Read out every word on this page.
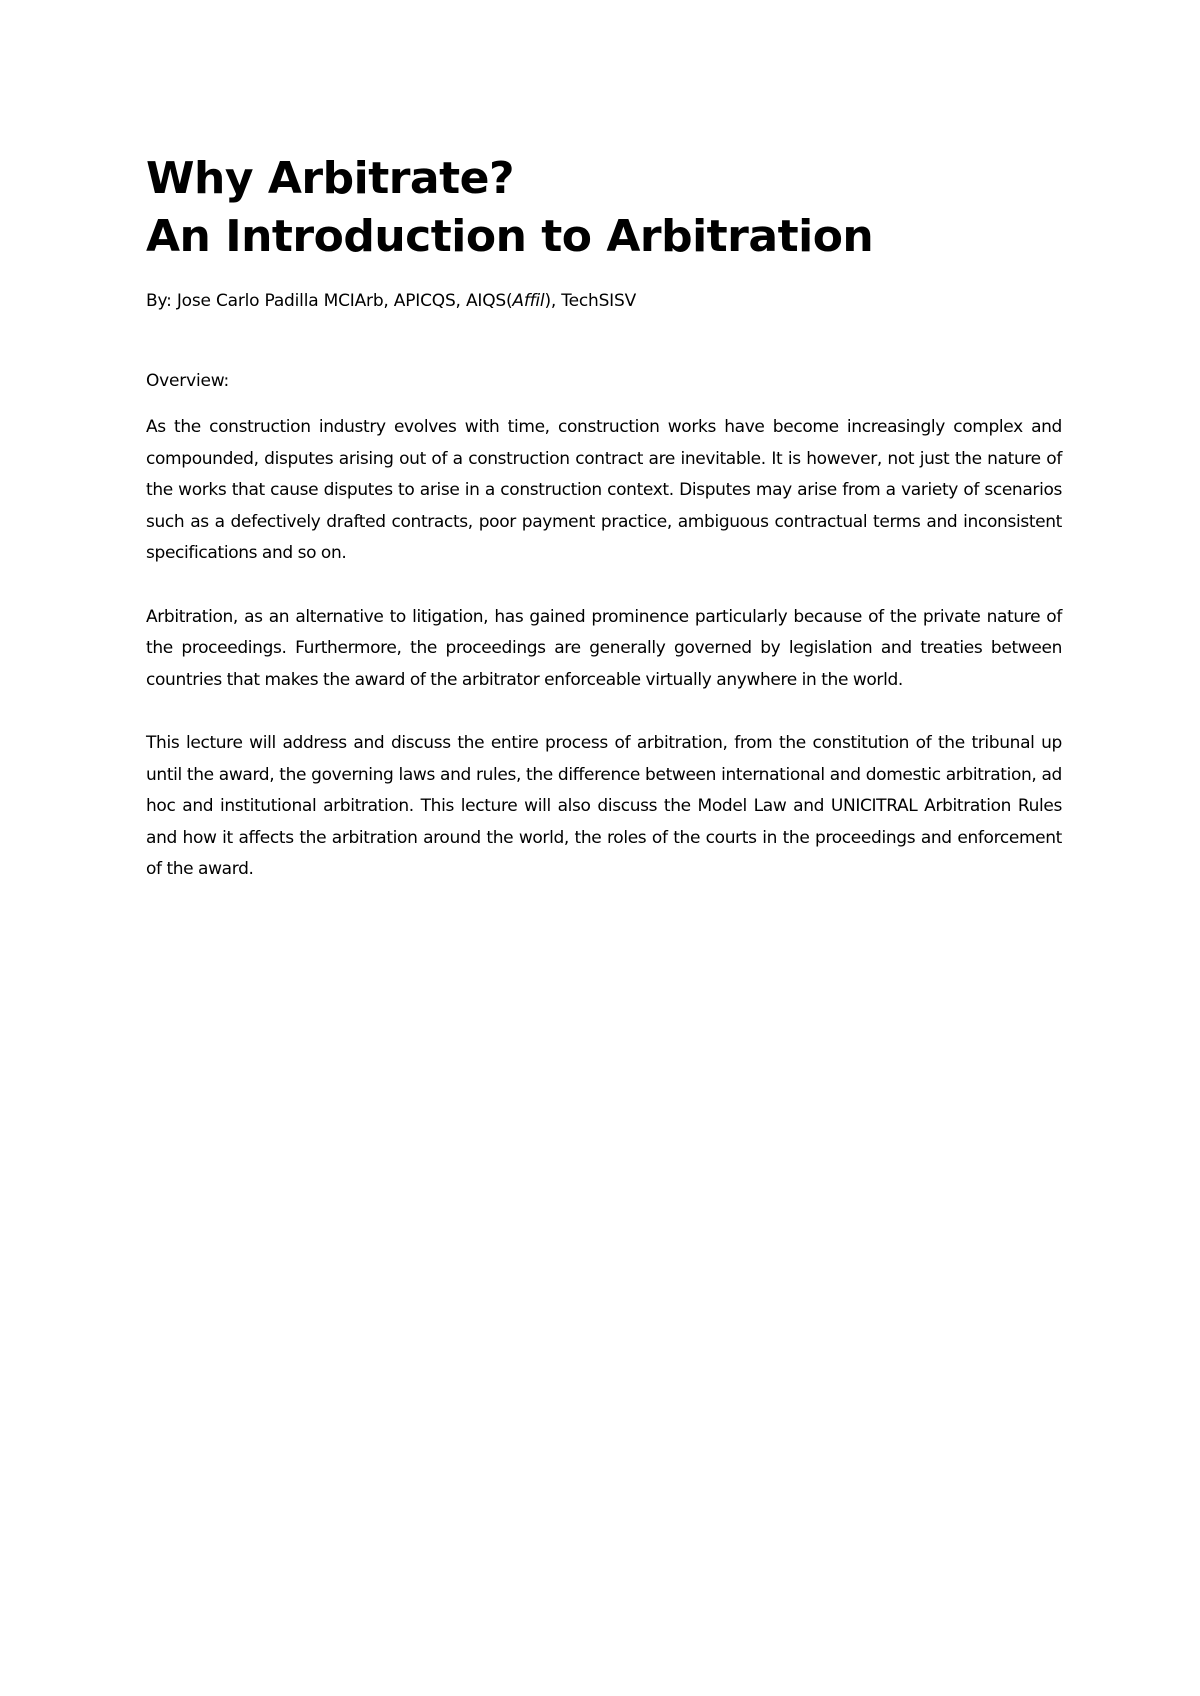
Why Arbitrate?
An Introduction to Arbitration

By: Jose Carlo Padilla MCIArb, APICQS, AIQS(Affil), TechSISV

Overview:

As the construction industry evolves with time, construction works have become increasingly complex and compounded, disputes arising out of a construction contract are inevitable. It is however, not just the nature of the works that cause disputes to arise in a construction context. Disputes may arise from a variety of scenarios such as a defectively drafted contracts, poor payment practice, ambiguous contractual terms and inconsistent specifications and so on.

Arbitration, as an alternative to litigation, has gained prominence particularly because of the private nature of the proceedings. Furthermore, the proceedings are generally governed by legislation and treaties between countries that makes the award of the arbitrator enforceable virtually anywhere in the world.

This lecture will address and discuss the entire process of arbitration, from the constitution of the tribunal up until the award, the governing laws and rules, the difference between international and domestic arbitration, ad hoc and institutional arbitration. This lecture will also discuss the Model Law and UNICITRAL Arbitration Rules and how it affects the arbitration around the world, the roles of the courts in the proceedings and enforcement of the award.
